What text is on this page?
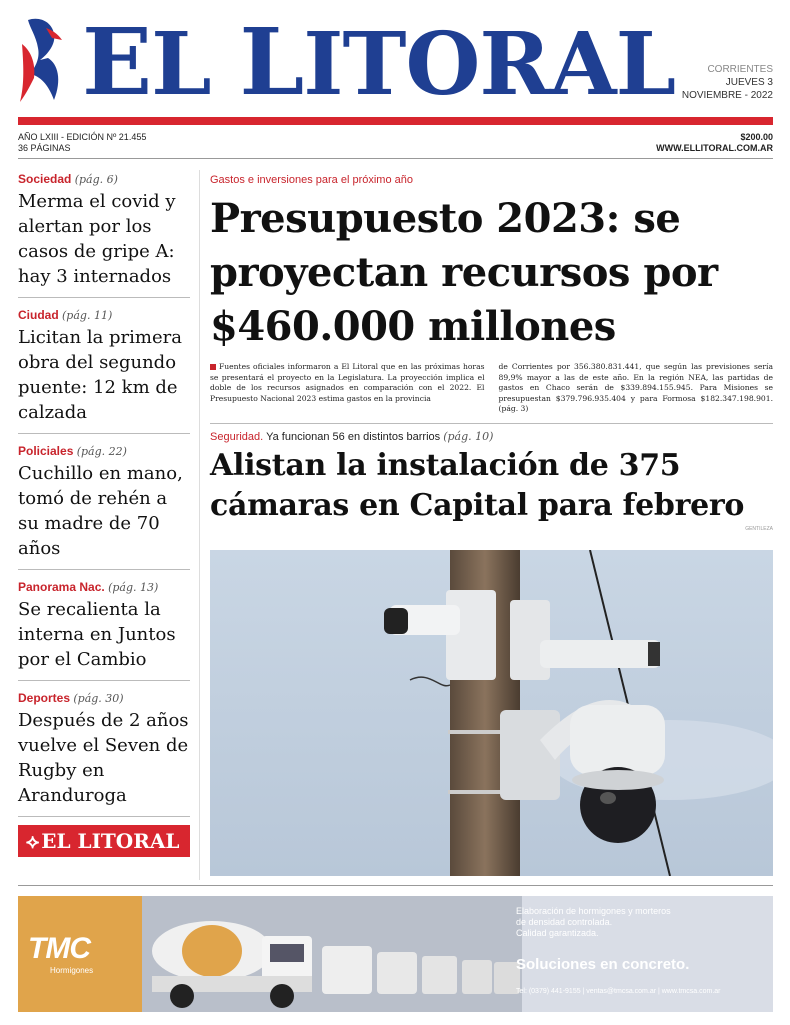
EL LITORAL	CORRIENTES
JUEVES 3
NOVIEMBRE - 2022
AÑO LXIII - EDICIÓN Nº 21.455
36 PÁGINAS
$200.00
WWW.ELLITORAL.COM.AR
Sociedad (pág. 6)
Merma el covid y alertan por los casos de gripe A: hay 3 internados
Ciudad (pág. 11)
Licitan la primera obra del segundo puente: 12 km de calzada
Policiales (pág. 22)
Cuchillo en mano, tomó de rehén a su madre de 70 años
Panorama Nac. (pág. 13)
Se recalienta la interna en Juntos por el Cambio
Deportes (pág. 30)
Después de 2 años vuelve el Seven de Rugby en Aranduroga
⟡ EL LITORAL
Gastos e inversiones para el próximo año
Presupuesto 2023: se proyectan recursos por $460.000 millones
Fuentes oficiales informaron a El Litoral que en las próximas horas se presentará el proyecto en la Legislatura. La proyección implica el doble de los recursos asignados en comparación con el 2022. El Presupuesto Nacional 2023 estima gastos en la provincia
de Corrientes por 356.380.831.441, que según las previsiones sería 89,9% mayor a las de este año. En la región NEA, las partidas de gastos en Chaco serán de $339.894.155.945. Para Misiones se presupuestan $379.796.935.404 y para Formosa $182.347.198.901. (pág. 3)
Seguridad. Ya funcionan 56 en distintos barrios (pág. 10)
Alistan la instalación de 375 cámaras en Capital para febrero
GENTILEZA
TMC
Hormigones
Elaboración de hormigones y morteros
de densidad controlada.
Calidad garantizada.
Soluciones en concreto.
Tel: (0379) 441-9155 | ventas@tmcsa.com.ar | www.tmcsa.com.ar
